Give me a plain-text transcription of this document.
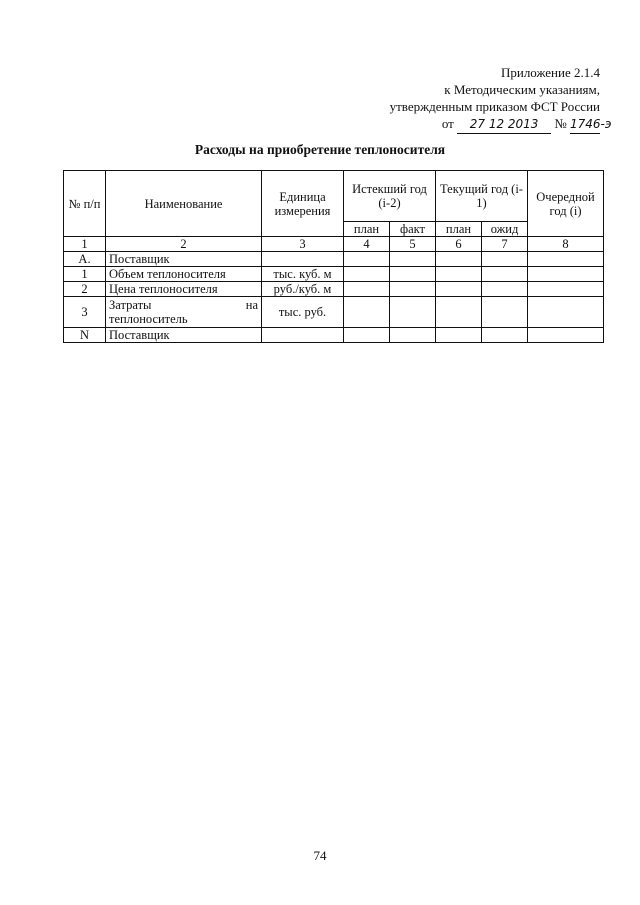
Приложение 2.1.4
к Методическим указаниям,
утвержденным приказом ФСТ России
от 27 12 2013 № 1746-э
Расходы на приобретение теплоносителя
№ п/п	Наименование	Единица измерения	Истекший год (i-2)		Текущий год (i-1)		Очередной год (i)
			план	факт	план	ожид	
1	2	3	4	5	6	7	8
A.	Поставщик						
1	Объем теплоносителя	тыс. куб. м					
2	Цена теплоносителя	руб./куб. м					
3	Затраты на
теплоноситель	тыс. руб.					
N	Поставщик						
74
